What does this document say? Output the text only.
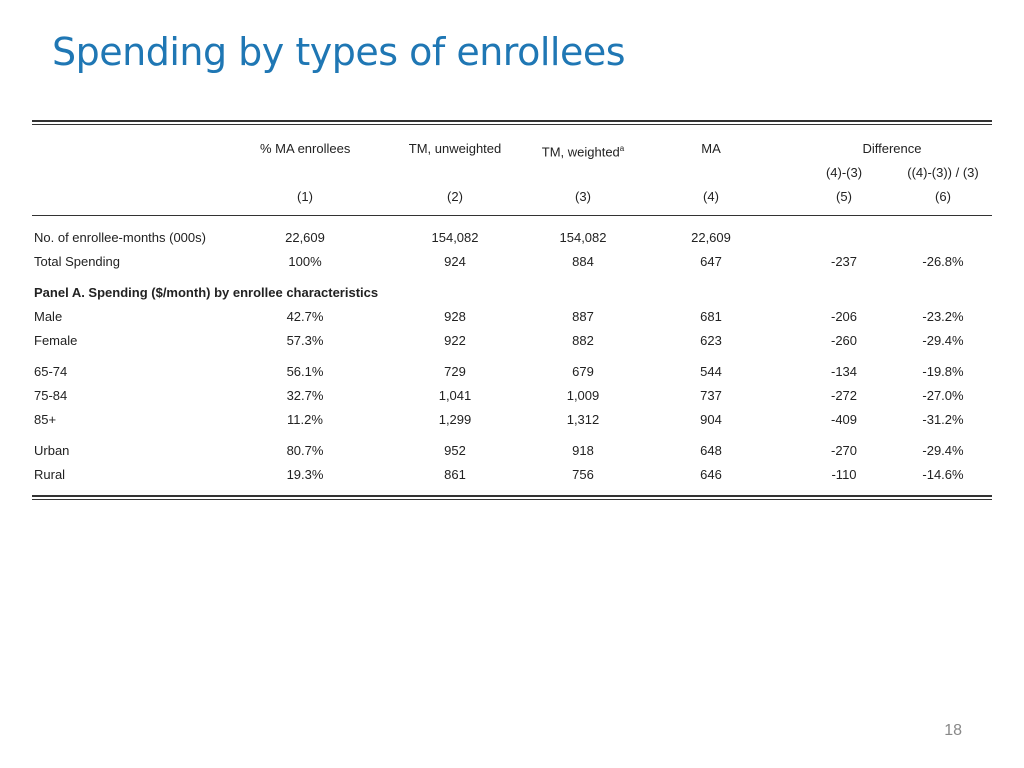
Spending by types of enrollees
% MA enrollees	TM, unweighted	TM, weighted$^a$	MA	Difference
(4)-(3)	((4)-(3)) / (3)
(1)	(2)	(3)	(4)	(5)	(6)
No. of enrollee-months (000s)	22,609	154,082	154,082	22,609
Total Spending	100%	924	884	647	-237	-26.8%
Panel A. Spending ($/month) by enrollee characteristics
Male	42.7%	928	887	681	-206	-23.2%
Female	57.3%	922	882	623	-260	-29.4%
65-74	56.1%	729	679	544	-134	-19.8%
75-84	32.7%	1,041	1,009	737	-272	-27.0%
85+	11.2%	1,299	1,312	904	-409	-31.2%
Urban	80.7%	952	918	648	-270	-29.4%
Rural	19.3%	861	756	646	-110	-14.6%
18
